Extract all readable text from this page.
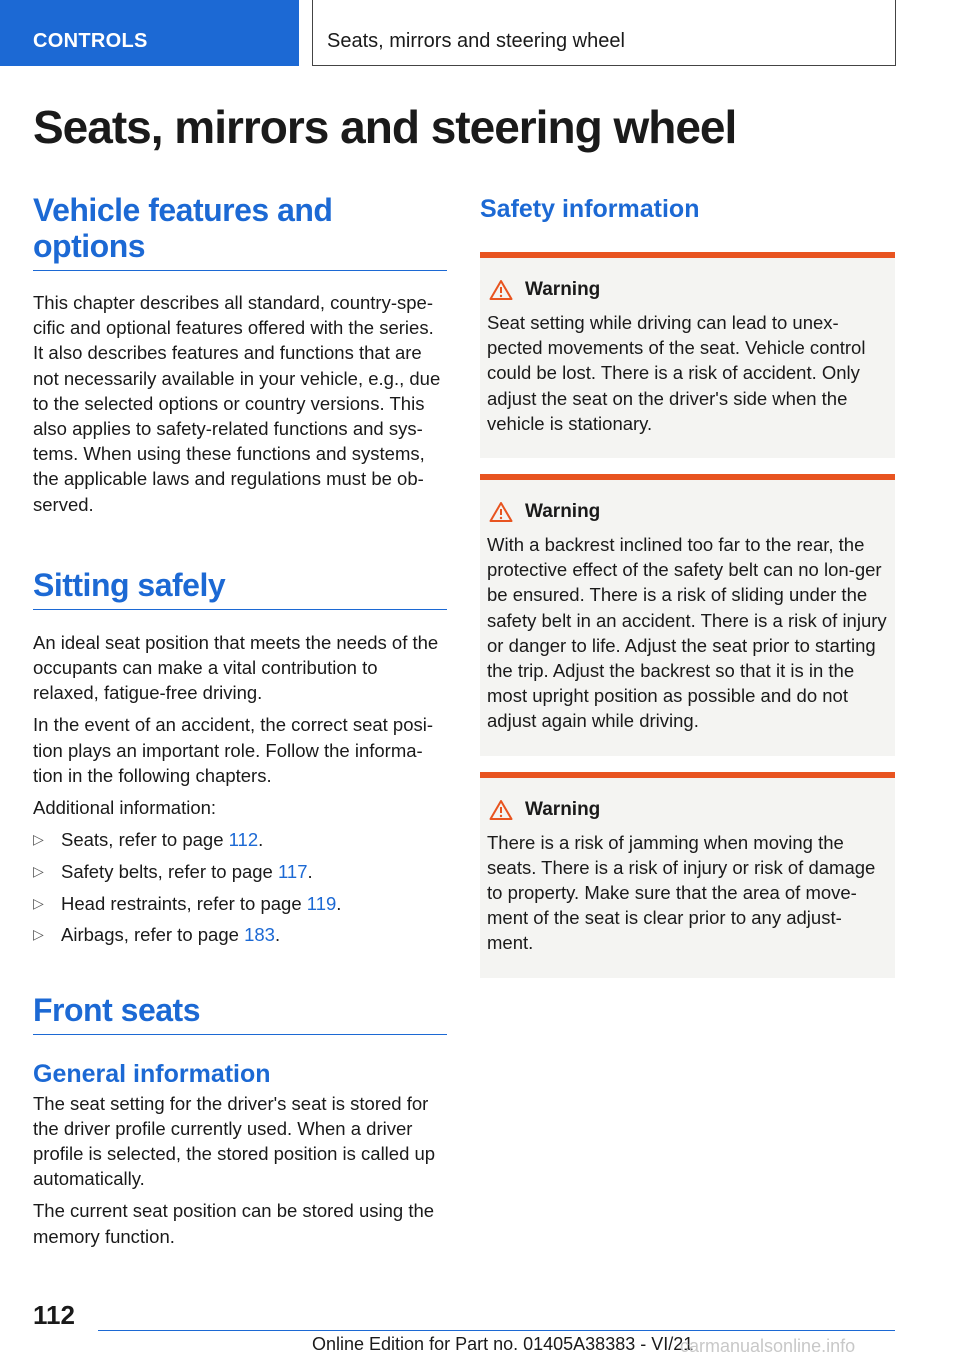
CONTROLS	Seats, mirrors and steering wheel
Seats, mirrors and steering wheel
Vehicle features and options

This chapter describes all standard, country-spe-cific and optional features offered with the series. It also describes features and functions that are not necessarily available in your vehicle, e.g., due to the selected options or country versions. This also applies to safety-related functions and sys-tems. When using these functions and systems, the applicable laws and regulations must be ob-served.

Sitting safely

An ideal seat position that meets the needs of the occupants can make a vital contribution to relaxed, fatigue-free driving.

In the event of an accident, the correct seat posi-tion plays an important role. Follow the informa-tion in the following chapters.

Additional information:

▷ Seats, refer to page 112.
▷ Safety belts, refer to page 117.
▷ Head restraints, refer to page 119.
▷ Airbags, refer to page 183.
Front seats
General information

The seat setting for the driver's seat is stored for the driver profile currently used. When a driver profile is selected, the stored position is called up automatically.

The current seat position can be stored using the memory function.

Safety information
Warning

Seat setting while driving can lead to unex-pected movements of the seat. Vehicle control could be lost. There is a risk of accident. Only adjust the seat on the driver's side when the vehicle is stationary.

Warning

With a backrest inclined too far to the rear, the protective effect of the safety belt can no lon-ger be ensured. There is a risk of sliding under the safety belt in an accident. There is a risk of injury or danger to life. Adjust the seat prior to starting the trip. Adjust the backrest so that it is in the most upright position as possible and do not adjust again while driving.

Warning

There is a risk of jamming when moving the seats. There is a risk of injury or risk of damage to property. Make sure that the area of move-ment of the seat is clear prior to any adjust-ment.

112
Online Edition for Part no. 01405A38383 - VI/21
carmanualsonline.info
